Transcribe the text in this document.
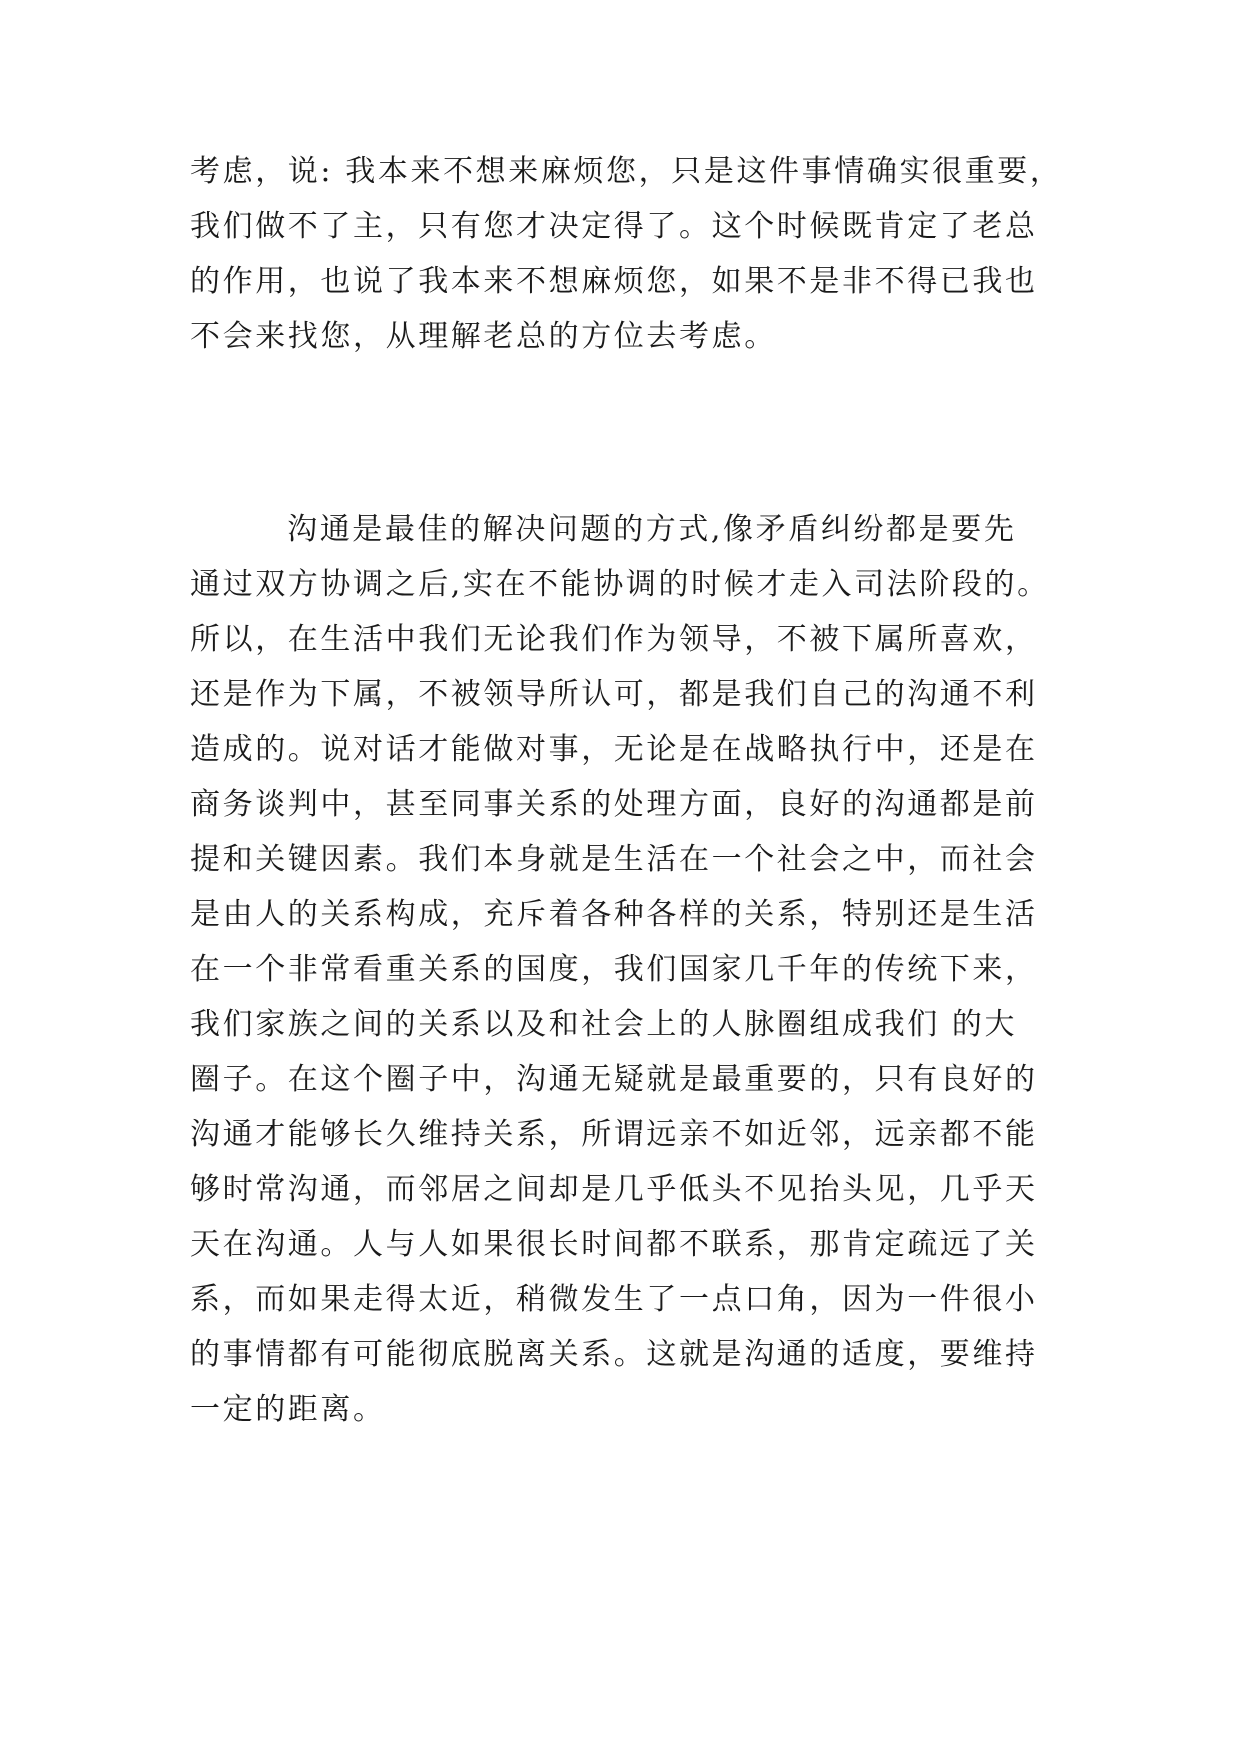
考虑，说: 我本来不想来麻烦您，只是这件事情确实很重要，
我们做不了主，只有您才决定得了。这个时候既肯定了老总
的作用，也说了我本来不想麻烦您，如果不是非不得已我也
不会来找您，从理解老总的方位去考虑。
沟通是最佳的解决问题的方式,像矛盾纠纷都是要先
通过双方协调之后,实在不能协调的时候才走入司法阶段的。
所以，在生活中我们无论我们作为领导，不被下属所喜欢，
还是作为下属，不被领导所认可，都是我们自己的沟通不利
造成的。说对话才能做对事，无论是在战略执行中，还是在
商务谈判中，甚至同事关系的处理方面，良好的沟通都是前
提和关键因素。我们本身就是生活在一个社会之中，而社会
是由人的关系构成，充斥着各种各样的关系，特别还是生活
在一个非常看重关系的国度，我们国家几千年的传统下来，
我们家族之间的关系以及和社会上的人脉圈组成我们 的大
圈子。在这个圈子中，沟通无疑就是最重要的，只有良好的
沟通才能够长久维持关系，所谓远亲不如近邻，远亲都不能
够时常沟通，而邻居之间却是几乎低头不见抬头见，几乎天
天在沟通。人与人如果很长时间都不联系，那肯定疏远了关
系，而如果走得太近，稍微发生了一点口角，因为一件很小
的事情都有可能彻底脱离关系。这就是沟通的适度，要维持
一定的距离。
